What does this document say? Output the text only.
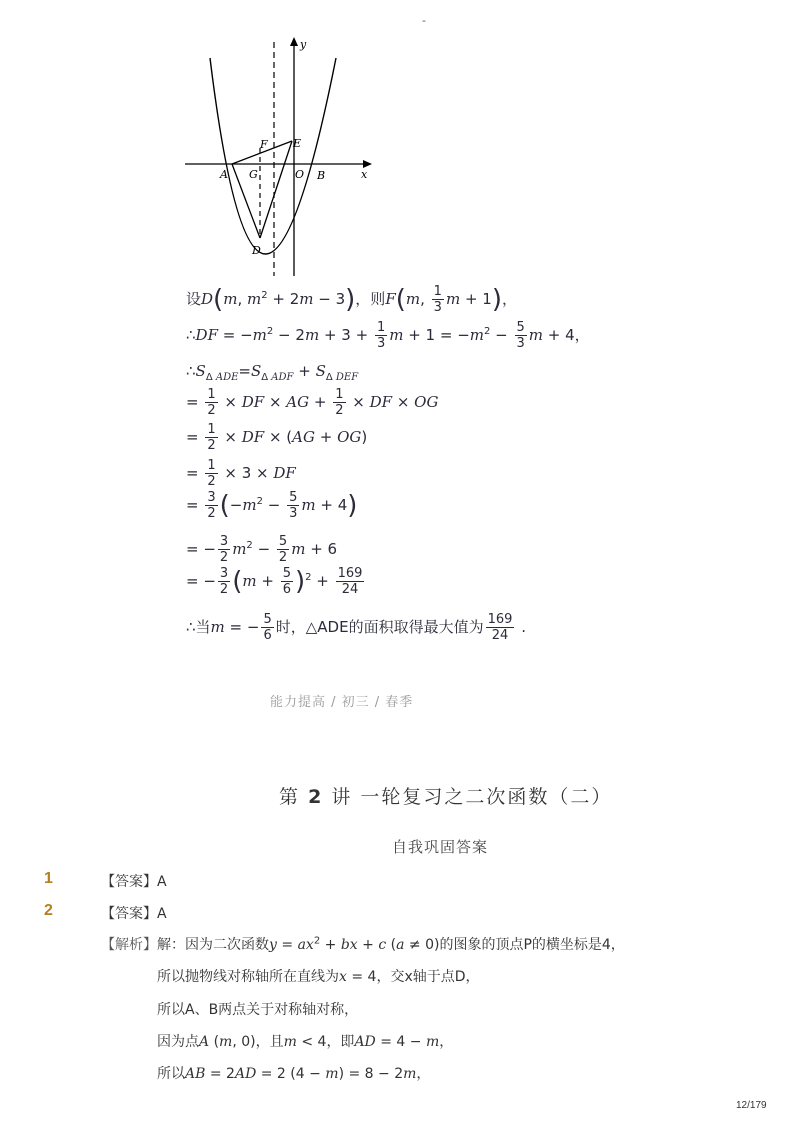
-
y
x
E
F
A G	O B
D
设D(m, $m^2 + 2m - 3$)，则F(m, $\frac{1}{3}$ m + 1)，
∴DF = $-m^2 - 2m + 3 + \frac{1}{3}$ $m + 1 = -m^2 - \frac{5}{3}$ m + 4，
$\therefore S_{\Delta ADE}=S_{\Delta ADF} + S_{\Delta DEF}$
= $\frac{1}{2}$ × DF × AG + $\frac{1}{2}$ × DF × OG
= $\frac{1}{2}$ × DF × (AG + OG)
= $\frac{1}{2} \times 3$ × DF
= $\frac{3}{2} (-m^2 - \frac{5}{3}$ m + 4)
= − $\frac{3}{2} m^2 - \frac{5}{2}$ m + 6
= − $\frac{3}{2} (m + \frac{5}{6} )^2 + \frac{169}{24}$
∴当m = − $\frac{5}{6}$ 时，△ADE的面积取得最大值为 $\frac{169}{24}$ .
能力提高 / 初三 / 春季
第 2 讲 一轮复习之二次函数（二）
自我巩固答案
1	【答案】A
2	【答案】A
【解析】解：因为二次函数$y = ax^2$ + bx + c (a ≠ 0)的图象的顶点P的横坐标是4，
所以抛物线对称轴所在直线为x = 4，交x轴于点D，
所以A、B两点关于对称轴对称，
因为点A (m, 0)，且m < 4，即AD = 4 − m，
所以AB = 2AD = 2 (4 − m) = 8 − 2m，
12/179
